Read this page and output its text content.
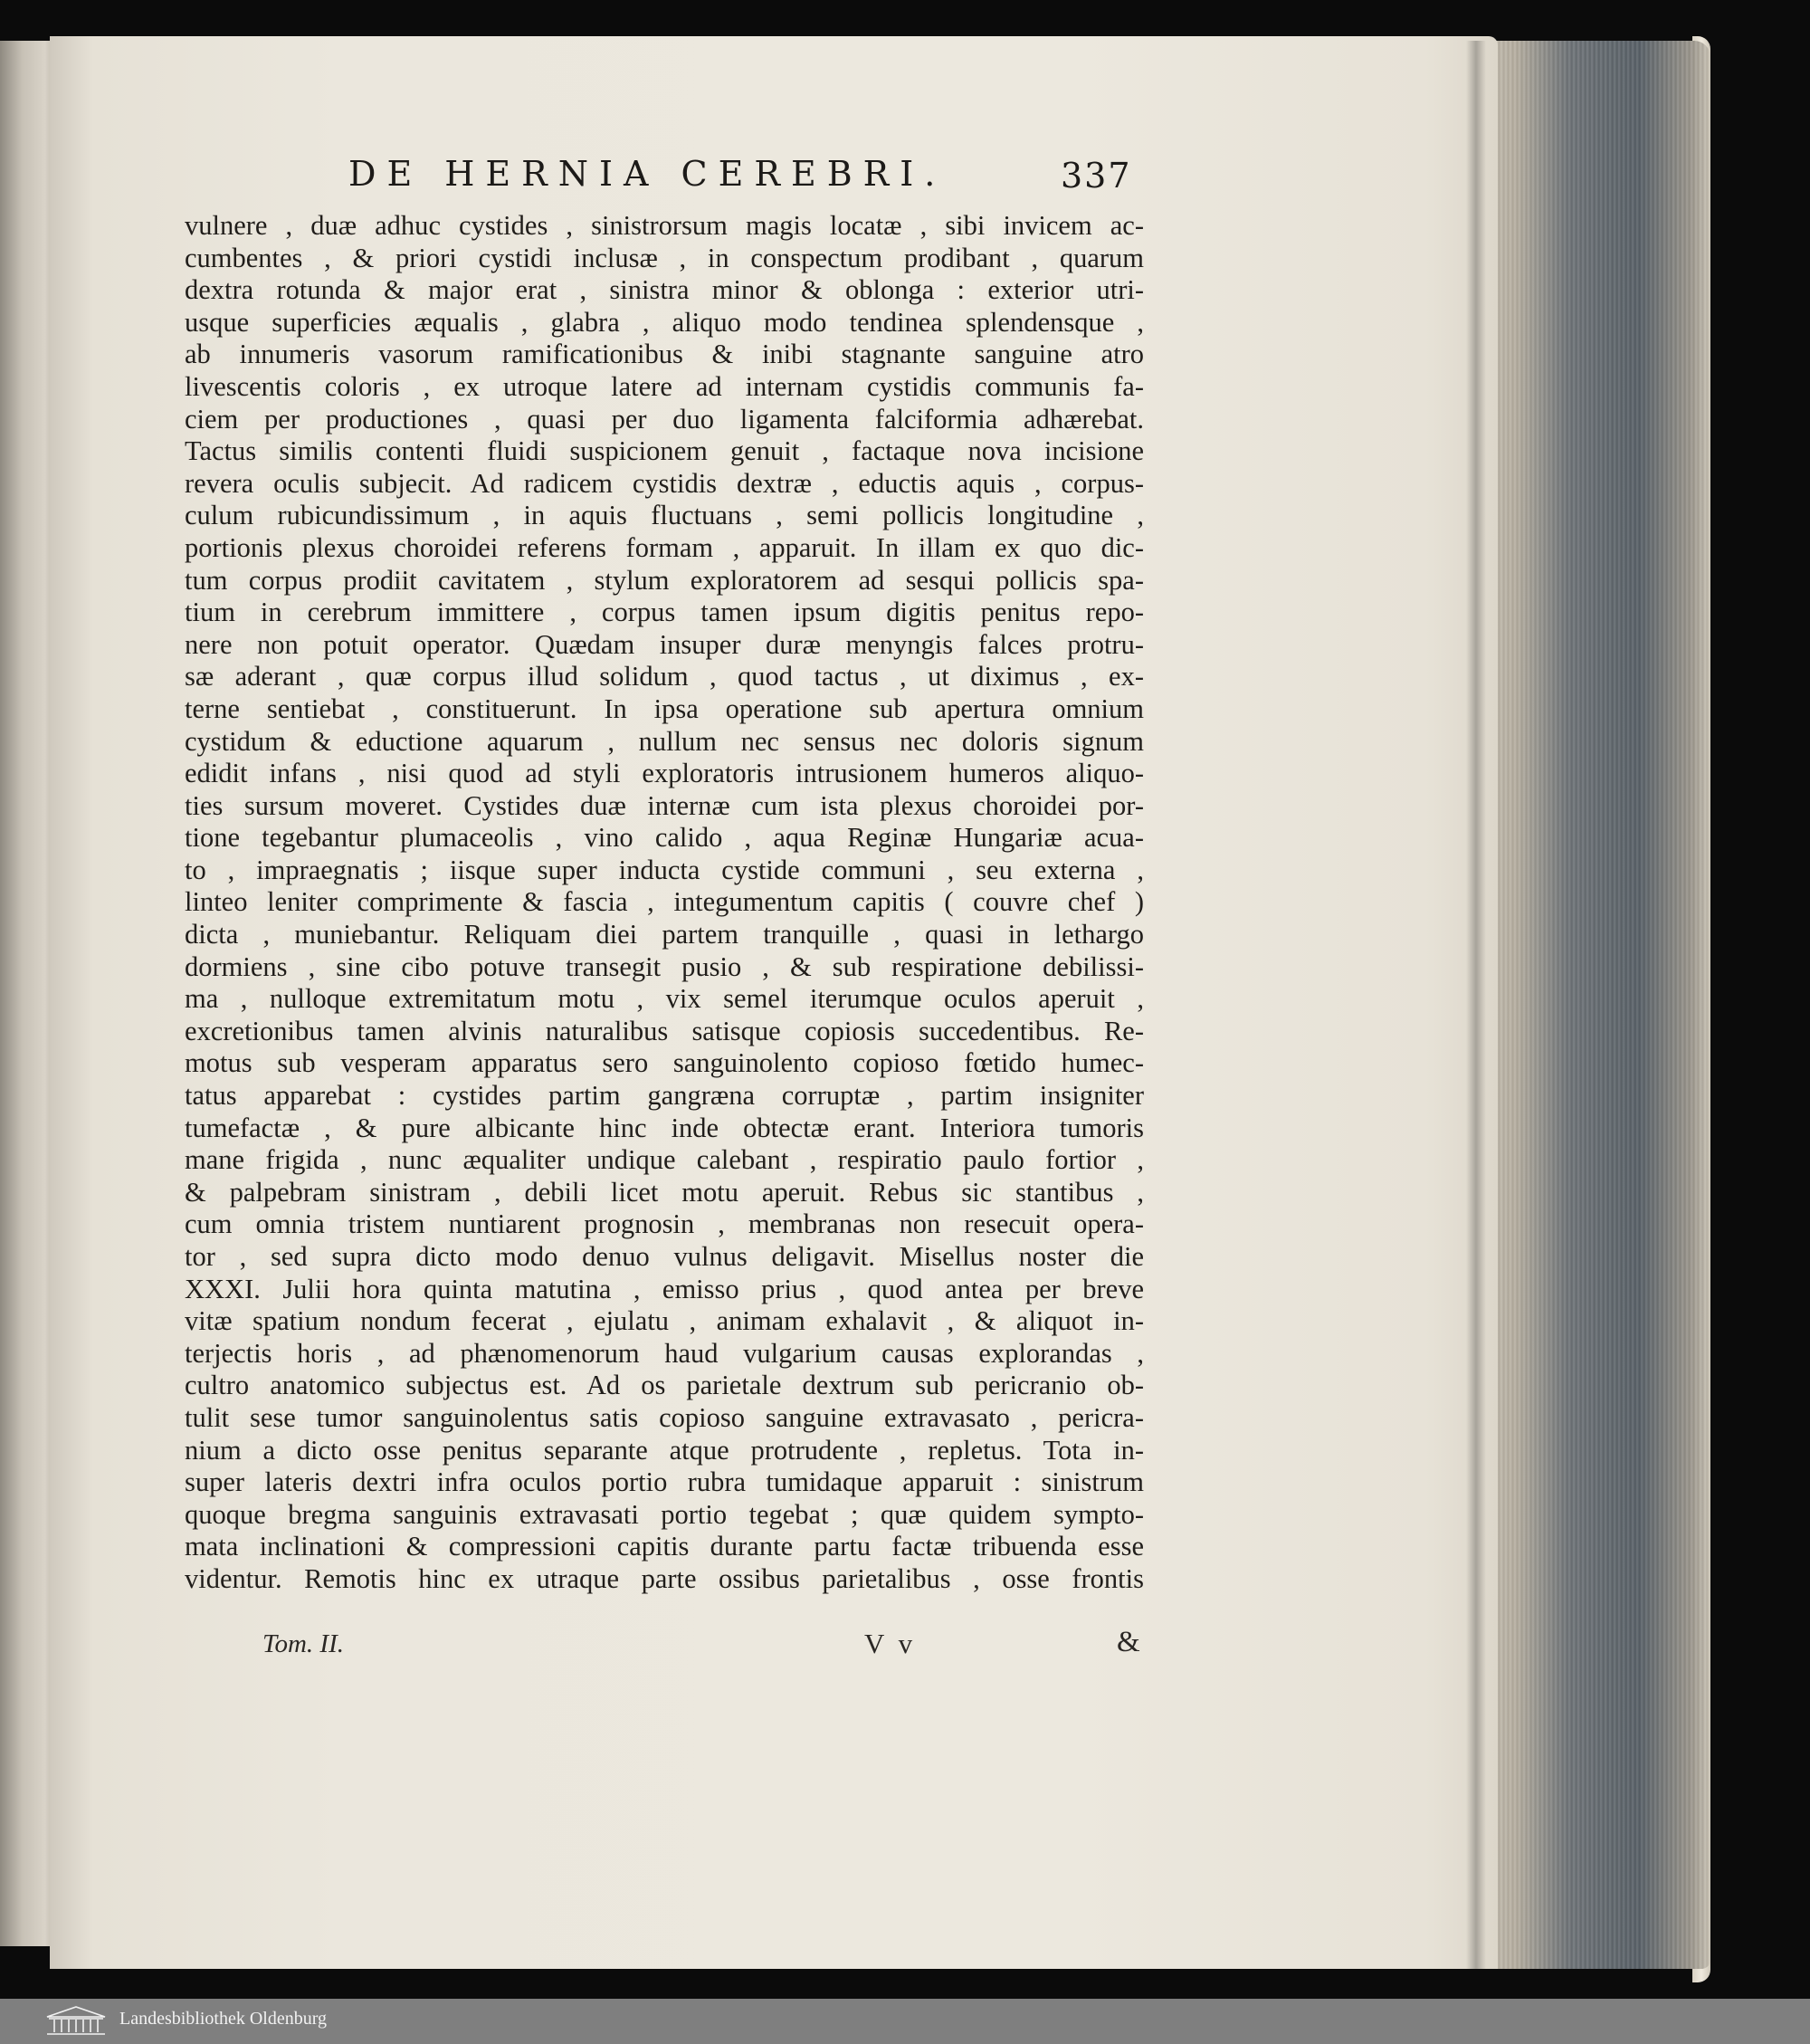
DE HERNIA CEREBRI.	337
vulnere , duæ adhuc cystides , sinistrorsum magis locatæ , sibi invicem ac-
cumbentes , & priori cystidi inclusæ , in conspectum prodibant , quarum
dextra rotunda & major erat , sinistra minor & oblonga : exterior utri-
usque superficies æqualis , glabra , aliquo modo tendinea splendensque ,
ab innumeris vasorum ramificationibus & inibi stagnante sanguine atro
livescentis coloris , ex utroque latere ad internam cystidis communis fa-
ciem per productiones , quasi per duo ligamenta falciformia adhærebat.
Tactus similis contenti fluidi suspicionem genuit , factaque nova incisione
revera oculis subjecit. Ad radicem cystidis dextræ , eductis aquis , corpus-
culum rubicundissimum , in aquis fluctuans , semi pollicis longitudine ,
portionis plexus choroidei referens formam , apparuit. In illam ex quo dic-
tum corpus prodiit cavitatem , stylum exploratorem ad sesqui pollicis spa-
tium in cerebrum immittere , corpus tamen ipsum digitis penitus repo-
nere non potuit operator. Quædam insuper duræ menyngis falces protru-
sæ aderant , quæ corpus illud solidum , quod tactus , ut diximus , ex-
terne sentiebat , constituerunt. In ipsa operatione sub apertura omnium
cystidum & eductione aquarum , nullum nec sensus nec doloris signum
edidit infans , nisi quod ad styli exploratoris intrusionem humeros aliquo-
ties sursum moveret. Cystides duæ internæ cum ista plexus choroidei por-
tione tegebantur plumaceolis , vino calido , aqua Reginæ Hungariæ acua-
to , impraegnatis ; iisque super inducta cystide communi , seu externa ,
linteo leniter comprimente & fascia , integumentum capitis ( couvre chef )
dicta , muniebantur. Reliquam diei partem tranquille , quasi in lethargo
dormiens , sine cibo potuve transegit pusio , & sub respiratione debilissi-
ma , nulloque extremitatum motu , vix semel iterumque oculos aperuit ,
excretionibus tamen alvinis naturalibus satisque copiosis succedentibus. Re-
motus sub vesperam apparatus sero sanguinolento copioso fœtido humec-
tatus apparebat : cystides partim gangræna corruptæ , partim insigniter
tumefactæ , & pure albicante hinc inde obtectæ erant. Interiora tumoris
mane frigida , nunc æqualiter undique calebant , respiratio paulo fortior ,
& palpebram sinistram , debili licet motu aperuit. Rebus sic stantibus ,
cum omnia tristem nuntiarent prognosin , membranas non resecuit opera-
tor , sed supra dicto modo denuo vulnus deligavit. Misellus noster die
XXXI. Julii hora quinta matutina , emisso prius , quod antea per breve
vitæ spatium nondum fecerat , ejulatu , animam exhalavit , & aliquot in-
terjectis horis , ad phænomenorum haud vulgarium causas explorandas ,
cultro anatomico subjectus est. Ad os parietale dextrum sub pericranio ob-
tulit sese tumor sanguinolentus satis copioso sanguine extravasato , pericra-
nium a dicto osse penitus separante atque protrudente , repletus. Tota in-
super lateris dextri infra oculos portio rubra tumidaque apparuit : sinistrum
quoque bregma sanguinis extravasati portio tegebat ; quæ quidem sympto-
mata inclinationi & compressioni capitis durante partu factæ tribuenda esse
videntur. Remotis hinc ex utraque parte ossibus parietalibus , osse frontis
Tom. II.	V v	&
Landesbibliothek Oldenburg
